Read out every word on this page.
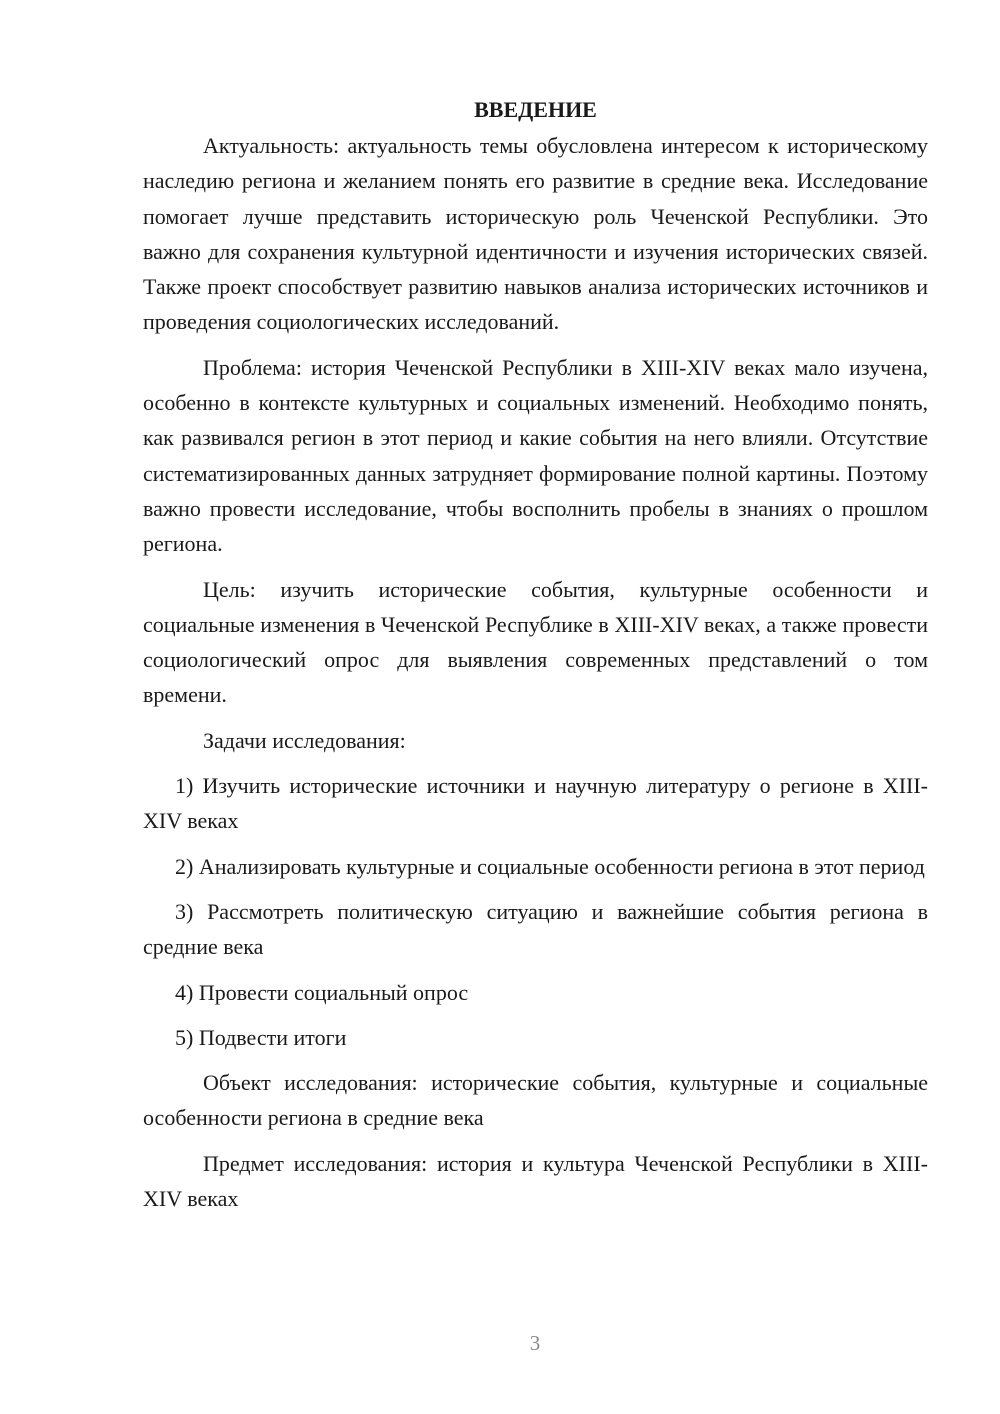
ВВЕДЕНИЕ

Актуальность: актуальность темы обусловлена интересом к историческому наследию региона и желанием понять его развитие в средние века. Исследование помогает лучше представить историческую роль Чеченской Республики. Это важно для сохранения культурной идентичности и изучения исторических связей. Также проект способствует развитию навыков анализа исторических источников и проведения социологических исследований.

Проблема: история Чеченской Республики в XIII-XIV веках мало изучена, особенно в контексте культурных и социальных изменений. Необходимо понять, как развивался регион в этот период и какие события на него влияли. Отсутствие систематизированных данных затрудняет формирование полной картины. Поэтому важно провести исследование, чтобы восполнить пробелы в знаниях о прошлом региона.

Цель: изучить исторические события, культурные особенности и социальные изменения в Чеченской Республике в XIII-XIV веках, а также провести социологический опрос для выявления современных представлений о том времени.

Задачи исследования:

1) Изучить исторические источники и научную литературу о регионе в XIII-XIV веках

2) Анализировать культурные и социальные особенности региона в этот период

3) Рассмотреть политическую ситуацию и важнейшие события региона в средние века

4) Провести социальный опрос

5) Подвести итоги

Объект исследования: исторические события, культурные и социальные особенности региона в средние века

Предмет исследования: история и культура Чеченской Республики в XIII-XIV веках

3
